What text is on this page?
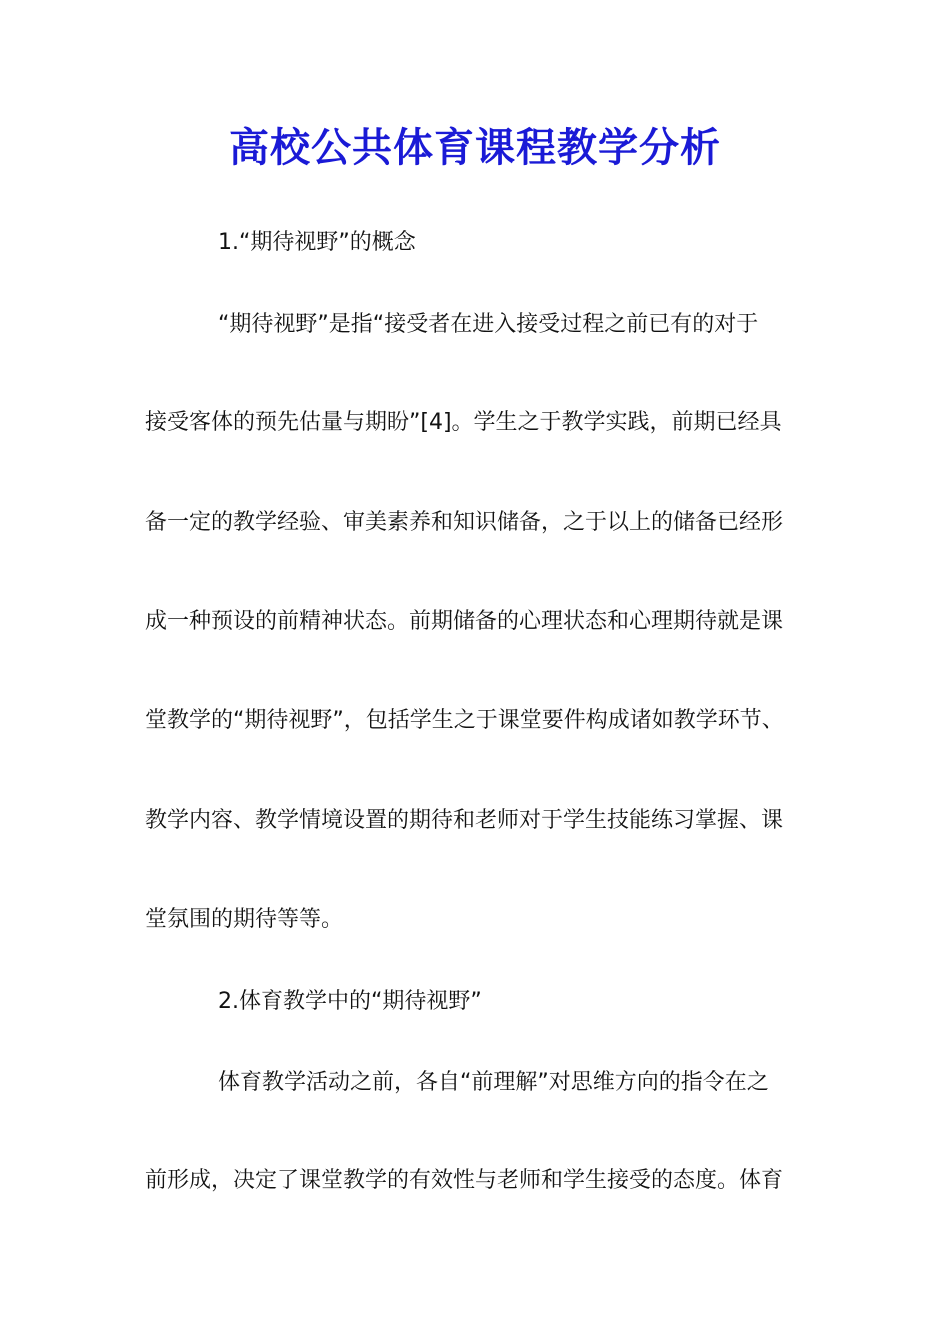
高校公共体育课程教学分析
1.“期待视野”的概念
“期待视野”是指“接受者在进入接受过程之前已有的对于
接受客体的预先估量与期盼”[4]。学生之于教学实践，前期已经具
备一定的教学经验、审美素养和知识储备，之于以上的储备已经形
成一种预设的前精神状态。前期储备的心理状态和心理期待就是课
堂教学的“期待视野”，包括学生之于课堂要件构成诸如教学环节、
教学内容、教学情境设置的期待和老师对于学生技能练习掌握、课
堂氛围的期待等等。
2.体育教学中的“期待视野”
体育教学活动之前，各自“前理解”对思维方向的指令在之
前形成，决定了课堂教学的有效性与老师和学生接受的态度。体育
